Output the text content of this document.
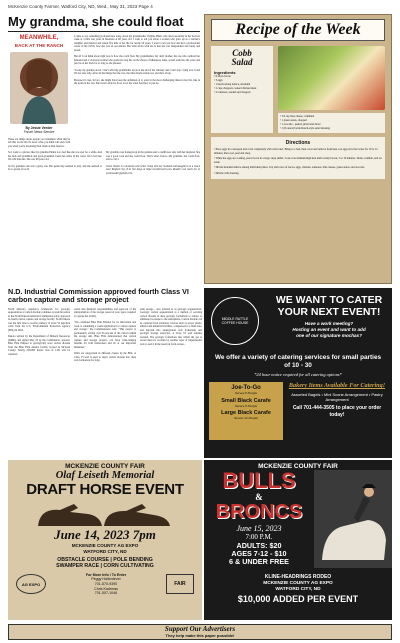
McKenzie County Farmer, Watford City, ND, Wed., May 31, 2023 Page 4
My grandma, she could float
MEANWHILE,
BACK AT THE RANCH
By Jessie Veeder
Forum News Service
These are things about people you remember when they're left this world and it's never what you think will stick with you when you're mourning their death at their funeral...

I came to say something profound here today about my grandmother Virginia Blain, who died peacefully in her bed last week at a little late years in Montana at 98 years old. I want to tell you about a woman who grew up as a rancher's daughter and married and raised five kids of her life for nearly 50 years. I want to tell you how she had a professional career in the 1970s, how she was an accountant. But what sticks with me is that she was independent and funny and proud.

But all I can think about right now is how she could float. My grandmother, my dad's mother, the one who outlived her husband and a vivacious woman who spent her long life on the shores of Minnesota lakes, would walk into the water and just lie on her back for as long as she pleased.

"Lucky my grandpa down," that's what my grandfather wrote at the end of her obituary and I can't stop crying over it and I'm not sure why. After all the things that she was, that that maybe stands out, and she's all up.

Because it's true. In fact, she might have been the definition of it, even in the most challenging times in her life, like in the death of her son. She wasn't afraid to float, to let the water hold her, to just be.

So I went to a picture like my grandma Emma is so feel like she was spot for a while. And her kids and grandkids and great-grandkids found her smile in the water. We loved her. We will miss her. She was 98 years old.

So my grandma, she was a gutsy one. Her generosity seemed to play, and she seemed to be so proud of us all.

My grandma was homegrown in the gardens and a cauliflower side with her husband. She was a good cook and she could float. That's what I know. My grandma, she could float, and so can I.

Jessie Veeder is a musician and writer living with her husband and daughters on a ranch near Watford City, N.D. She blogs at https://veederranch.com. Readers can reach her at jessieveeder@gmail.com.

Recipe of the Week
Cobb
Salad
Ingredients
• 6 slices bacon
• 3 eggs
• 1 head iceberg lettuce, shredded
• 2 cups chopped, cooked chicken meat
• 2 tomatoes, seeded and chopped
• 3/4 cup blue cheese, crumbled
• 1 green onion, chopped
• 1 avocado - peeled, pitted and diced
• 1 (8 ounce) bottle Ranch-style salad dressing
Directions

• Place eggs in a saucepan and cover completely with cold water. Bring to a boil, then cover and remove from heat. Let eggs sit in hot water for 10 to 12 minutes; then cool, peel and chop.

• While the eggs are cooking, place bacon in a large, deep skillet. Cook over medium-high heat until evenly brown, 5 to 10 minutes. Drain, crumble, and set aside.

• Divide shredded lettuce among individual plates. Top with rows of bacon, eggs, chicken, tomatoes, blue cheese, green onion, and avocado.

• Drizzle with dressing.

N.D. Industrial Commission approved fourth Class VI carbon capture and storage project

North Dakota's regulatory framework for geologic sequestration of carbon dioxide continues to lead the nation as the North Dakota Industrial Commission today approved its fourth carbon capture and storage facility. North Dakota was the first state to receive primacy of Class VI injection wells from the U.S. Environmental Protection Agency (EPA) in 2018.

Dakota written by the Department of Mineral Resources (DMR), and signed May 25 by the Commission, operator Blue Flint Ethanol to geologically store carbon dioxide from the Blue Flint ethanol facility located in McLean County. Nearly 200,000 metric tons of CO2 will be captured...

cation that financial responsibilities and approval of the amalgamation of the storage reservoir pore space required to operate the facility.

"We continued Blue Flint Ethanol for its innovation and work to submitting a sound application for carbon capture and storage," the Commissioners said. "This project is permanently storing over 95 percent of the carbon within the storage unit. Blue Flint demonstrated that carbon capture and storage projects can have wide-ranging benefits for both landowners and all of our important industries."

Wells are categorized in different classes by the EPA. A Class VI well is used to inject carbon dioxide into deep rock formations for long-

term storage - also referred to as geologic sequestration. Geologic carbon sequestration is a method of securing carbon dioxide in deep geologic formations to reduce or eliminate its release to the atmosphere. Carbon dioxide can be captured from stationary sources such as power plants, ethanol and industrial facilities, compressed to a fluid state, and injected into underground rock formations and geologic storage reservoirs. A Class VI well remains isolated. The geologic formations into which the gas is stored must be overlain by another layer of impermeable rock to seal it in the reservoir from escape...

MIDDLE RATTLE COFFEE HOUSE
WE WANT TO CATER YOUR NEXT EVENT!
Have a work meeting?
Hosting an event and want to add
one of our signature mochas?
We offer a variety of catering services for small parties of 10 - 30
*24 hour notice required for all catering options*
Joe-To-Go
Serves 8 People
Small Black Carafe
Serves 6 People
Large Black Carafe
Serves 12 People
Bakery Items Available For Catering!
Assorted Bagels • Mini Scone Arrangement • Pastry Arrangement
Call 701-444-3505 to place your order today!
MCKENZIE COUNTY FAIR
Olaf Leiseth Memorial
DRAFT HORSE EVENT
June 14, 2023 7pm
MCKENZIE COUNTY AG EXPO
WATFORD CITY, ND
OBSTACLE COURSE | POLE BENDING
SWAMPER RACE | CORN CULTIVATING
AG EXPO
For More Info / To Enter
Peggy Hallerdever
701-570-9390
Chris Kadrmas
701-507-1046
FAIR
MCKENZIE COUNTY FAIR
BULLS
&
BRONCS
June 15, 2023
7:00 P.M.
ADULTS: $20
AGES 7-12 - $10
6 & UNDER FREE
KLINE-HEADRINGS RODEO
MCKENZIE COUNTY AG EXPO
WATFORD CITY, ND
$10,000 ADDED PER EVENT
Support Our Advertisers
They help make this paper possible!
